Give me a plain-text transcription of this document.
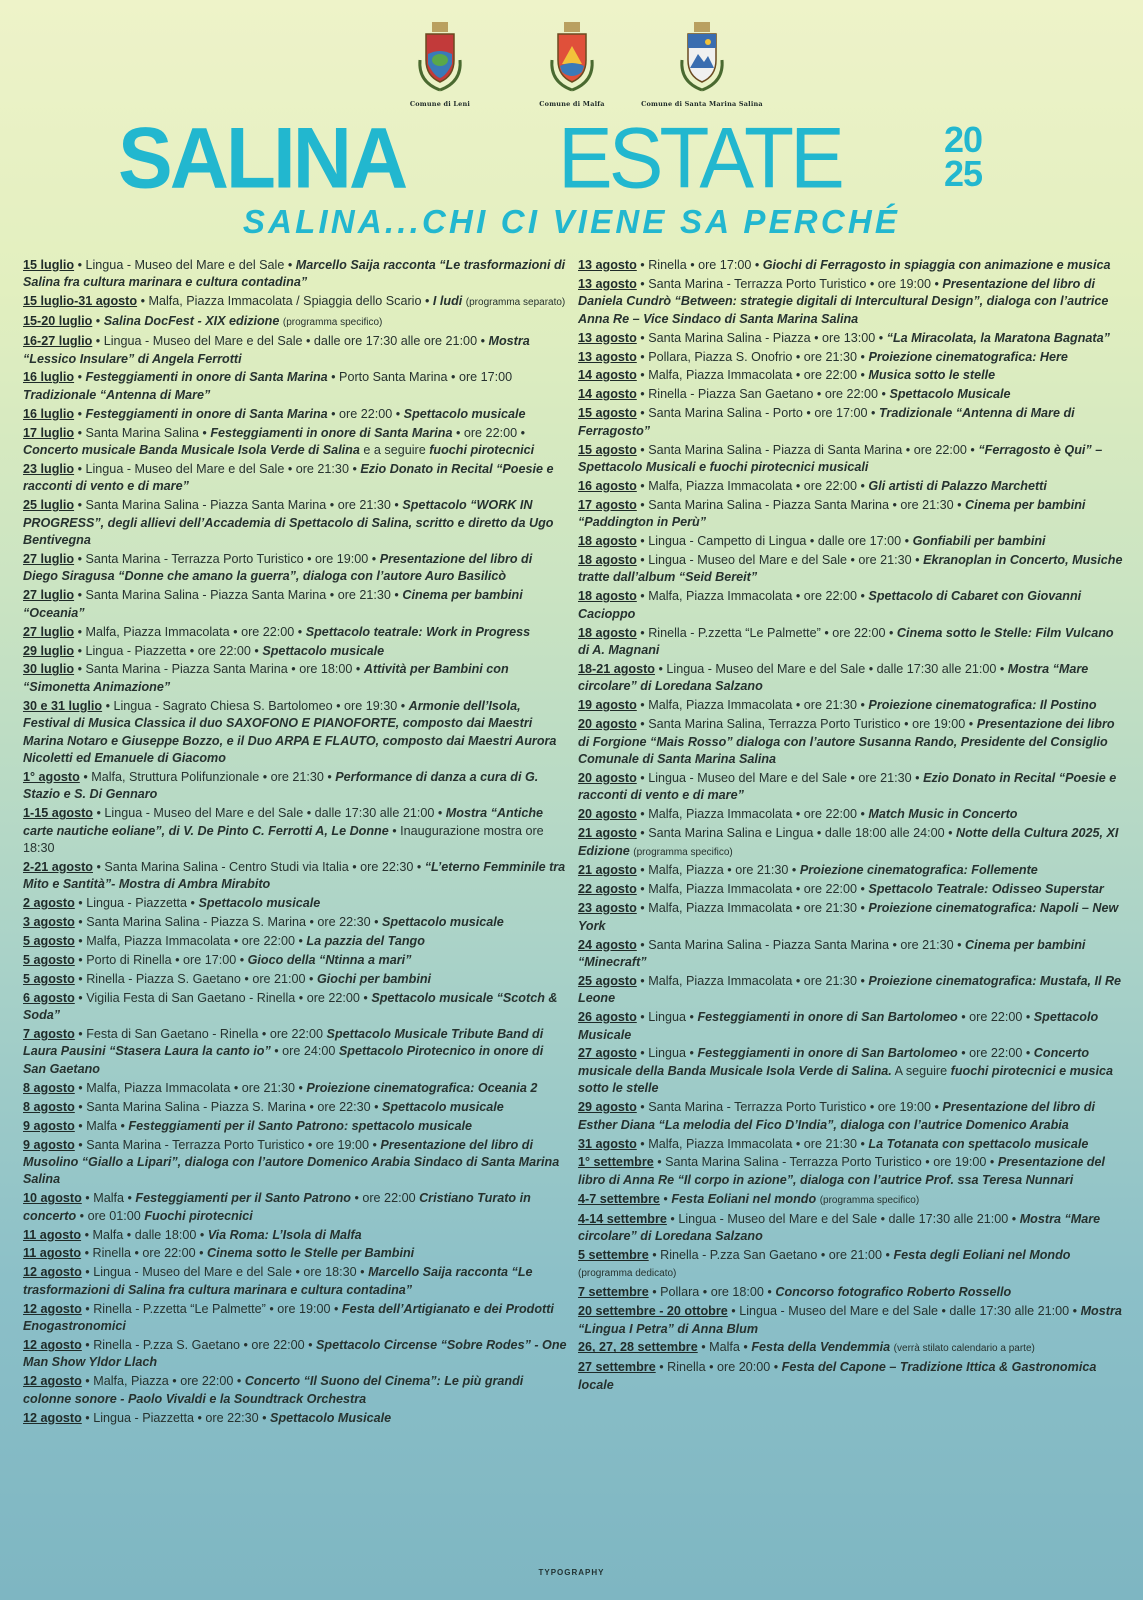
Comune di Leni	Comune di Malfa	Comune di Santa Marina Salina
SALINA ESTATE	20
25
SALINA...CHI CI VIENE SA PERCHÉ
15 luglio • Lingua - Museo del Mare e del Sale • Marcello Saija racconta “Le trasformazioni di Salina fra cultura marinara e cultura contadina”
15 luglio-31 agosto • Malfa, Piazza Immacolata / Spiaggia dello Scario • I ludi (programma separato)
15-20 luglio • Salina DocFest - XIX edizione (programma specifico)
16-27 luglio • Lingua - Museo del Mare e del Sale • dalle ore 17:30 alle ore 21:00 • Mostra “Lessico Insulare” di Angela Ferrotti
16 luglio • Festeggiamenti in onore di Santa Marina • Porto Santa Marina • ore 17:00 Tradizionale “Antenna di Mare”
16 luglio • Festeggiamenti in onore di Santa Marina • ore 22:00 • Spettacolo musicale
17 luglio • Santa Marina Salina • Festeggiamenti in onore di Santa Marina • ore 22:00 • Concerto musicale Banda Musicale Isola Verde di Salina e a seguire fuochi pirotecnici
23 luglio • Lingua - Museo del Mare e del Sale • ore 21:30 • Ezio Donato in Recital “Poesie e racconti di vento e di mare”
25 luglio • Santa Marina Salina - Piazza Santa Marina • ore 21:30 • Spettacolo “WORK IN PROGRESS”, degli allievi dell’Accademia di Spettacolo di Salina, scritto e diretto da Ugo Bentivegna
27 luglio • Santa Marina - Terrazza Porto Turistico • ore 19:00 • Presentazione del libro di Diego Siragusa “Donne che amano la guerra”, dialoga con l’autore Auro Basilicò
27 luglio • Santa Marina Salina - Piazza Santa Marina • ore 21:30 • Cinema per bambini “Oceania”
27 luglio • Malfa, Piazza Immacolata • ore 22:00 • Spettacolo teatrale: Work in Progress
29 luglio • Lingua - Piazzetta • ore 22:00 • Spettacolo musicale
30 luglio • Santa Marina - Piazza Santa Marina • ore 18:00 • Attività per Bambini con “Simonetta Animazione”
30 e 31 luglio • Lingua - Sagrato Chiesa S. Bartolomeo • ore 19:30 • Armonie dell’Isola, Festival di Musica Classica il duo SAXOFONO E PIANOFORTE, composto dai Maestri Marina Notaro e Giuseppe Bozzo, e il Duo ARPA E FLAUTO, composto dai Maestri Aurora Nicoletti ed Emanuele di Giacomo
1° agosto • Malfa, Struttura Polifunzionale • ore 21:30 • Performance di danza a cura di G. Stazio e S. Di Gennaro
1-15 agosto • Lingua - Museo del Mare e del Sale • dalle 17:30 alle 21:00 • Mostra “Antiche carte nautiche eoliane”, di V. De Pinto C. Ferrotti A, Le Donne • Inaugurazione mostra ore 18:30
2-21 agosto • Santa Marina Salina - Centro Studi via Italia • ore 22:30 • “L’eterno Femminile tra Mito e Santità”- Mostra di Ambra Mirabito
2 agosto • Lingua - Piazzetta • Spettacolo musicale
3 agosto • Santa Marina Salina - Piazza S. Marina • ore 22:30 • Spettacolo musicale
5 agosto • Malfa, Piazza Immacolata • ore 22:00 • La pazzia del Tango
5 agosto • Porto di Rinella • ore 17:00 • Gioco della “Ntinna a mari”
5 agosto • Rinella - Piazza S. Gaetano • ore 21:00 • Giochi per bambini
6 agosto • Vigilia Festa di San Gaetano - Rinella • ore 22:00 • Spettacolo musicale “Scotch & Soda”
7 agosto • Festa di San Gaetano - Rinella • ore 22:00 Spettacolo Musicale Tribute Band di Laura Pausini “Stasera Laura la canto io” • ore 24:00 Spettacolo Pirotecnico in onore di San Gaetano
8 agosto • Malfa, Piazza Immacolata • ore 21:30 • Proiezione cinematografica: Oceania 2
8 agosto • Santa Marina Salina - Piazza S. Marina • ore 22:30 • Spettacolo musicale
9 agosto • Malfa • Festeggiamenti per il Santo Patrono: spettacolo musicale
9 agosto • Santa Marina - Terrazza Porto Turistico • ore 19:00 • Presentazione del libro di Musolino “Giallo a Lipari”, dialoga con l’autore Domenico Arabia Sindaco di Santa Marina Salina
10 agosto • Malfa • Festeggiamenti per il Santo Patrono • ore 22:00 Cristiano Turato in concerto • ore 01:00 Fuochi pirotecnici
11 agosto • Malfa • dalle 18:00 • Via Roma: L’Isola di Malfa
11 agosto • Rinella • ore 22:00 • Cinema sotto le Stelle per Bambini
12 agosto • Lingua - Museo del Mare e del Sale • ore 18:30 • Marcello Saija racconta “Le trasformazioni di Salina fra cultura marinara e cultura contadina”
12 agosto • Rinella - P.zzetta “Le Palmette” • ore 19:00 • Festa dell’Artigianato e dei Prodotti Enogastronomici
12 agosto • Rinella - P.zza S. Gaetano • ore 22:00 • Spettacolo Circense “Sobre Rodes” - One Man Show Yldor Llach
12 agosto • Malfa, Piazza • ore 22:00 • Concerto “Il Suono del Cinema”: Le più grandi colonne sonore - Paolo Vivaldi e la Soundtrack Orchestra
12 agosto • Lingua - Piazzetta • ore 22:30 • Spettacolo Musicale
13 agosto • Rinella • ore 17:00 • Giochi di Ferragosto in spiaggia con animazione e musica
13 agosto • Santa Marina - Terrazza Porto Turistico • ore 19:00 • Presentazione del libro di Daniela Cundrò “Between: strategie digitali di Intercultural Design”, dialoga con l’autrice Anna Re – Vice Sindaco di Santa Marina Salina
13 agosto • Santa Marina Salina - Piazza • ore 13:00 • “La Miracolata, la Maratona Bagnata”
13 agosto • Pollara, Piazza S. Onofrio • ore 21:30 • Proiezione cinematografica: Here
14 agosto • Malfa, Piazza Immacolata • ore 22:00 • Musica sotto le stelle
14 agosto • Rinella - Piazza San Gaetano • ore 22:00 • Spettacolo Musicale
15 agosto • Santa Marina Salina - Porto • ore 17:00 • Tradizionale “Antenna di Mare di Ferragosto”
15 agosto • Santa Marina Salina - Piazza di Santa Marina • ore 22:00 • “Ferragosto è Qui” – Spettacolo Musicali e fuochi pirotecnici musicali
16 agosto • Malfa, Piazza Immacolata • ore 22:00 • Gli artisti di Palazzo Marchetti
17 agosto • Santa Marina Salina - Piazza Santa Marina • ore 21:30 • Cinema per bambini “Paddington in Perù”
18 agosto • Lingua - Campetto di Lingua • dalle ore 17:00 • Gonfiabili per bambini
18 agosto • Lingua - Museo del Mare e del Sale • ore 21:30 • Ekranoplan in Concerto, Musiche tratte dall’album “Seid Bereit”
18 agosto • Malfa, Piazza Immacolata • ore 22:00 • Spettacolo di Cabaret con Giovanni Cacioppo
18 agosto • Rinella - P.zzetta “Le Palmette” • ore 22:00 • Cinema sotto le Stelle: Film Vulcano di A. Magnani
18-21 agosto • Lingua - Museo del Mare e del Sale • dalle 17:30 alle 21:00 • Mostra “Mare circolare” di Loredana Salzano
19 agosto • Malfa, Piazza Immacolata • ore 21:30 • Proiezione cinematografica: Il Postino
20 agosto • Santa Marina Salina, Terrazza Porto Turistico • ore 19:00 • Presentazione dei libro di Forgione “Mais Rosso” dialoga con l’autore Susanna Rando, Presidente del Consiglio Comunale di Santa Marina Salina
20 agosto • Lingua - Museo del Mare e del Sale • ore 21:30 • Ezio Donato in Recital “Poesie e racconti di vento e di mare”
20 agosto • Malfa, Piazza Immacolata • ore 22:00 • Match Music in Concerto
21 agosto • Santa Marina Salina e Lingua • dalle 18:00 alle 24:00 • Notte della Cultura 2025, XI Edizione (programma specifico)
21 agosto • Malfa, Piazza • ore 21:30 • Proiezione cinematografica: Follemente
22 agosto • Malfa, Piazza Immacolata • ore 22:00 • Spettacolo Teatrale: Odisseo Superstar
23 agosto • Malfa, Piazza Immacolata • ore 21:30 • Proiezione cinematografica: Napoli – New York
24 agosto • Santa Marina Salina - Piazza Santa Marina • ore 21:30 • Cinema per bambini “Minecraft”
25 agosto • Malfa, Piazza Immacolata • ore 21:30 • Proiezione cinematografica: Mustafa, Il Re Leone
26 agosto • Lingua • Festeggiamenti in onore di San Bartolomeo • ore 22:00 • Spettacolo Musicale
27 agosto • Lingua • Festeggiamenti in onore di San Bartolomeo • ore 22:00 • Concerto musicale della Banda Musicale Isola Verde di Salina. A seguire fuochi pirotecnici e musica sotto le stelle
29 agosto • Santa Marina - Terrazza Porto Turistico • ore 19:00 • Presentazione del libro di Esther Diana “La melodia del Fico D’India”, dialoga con l’autrice Domenico Arabia
31 agosto • Malfa, Piazza Immacolata • ore 21:30 • La Totanata con spettacolo musicale
1° settembre • Santa Marina Salina - Terrazza Porto Turistico • ore 19:00 • Presentazione del libro di Anna Re “Il corpo in azione”, dialoga con l’autrice Prof. ssa Teresa Nunnari
4-7 settembre • Festa Eoliani nel mondo (programma specifico)
4-14 settembre • Lingua - Museo del Mare e del Sale • dalle 17:30 alle 21:00 • Mostra “Mare circolare” di Loredana Salzano
5 settembre • Rinella - P.zza San Gaetano • ore 21:00 • Festa degli Eoliani nel Mondo (programma dedicato)
7 settembre • Pollara • ore 18:00 • Concorso fotografico Roberto Rossello
20 settembre - 20 ottobre • Lingua - Museo del Mare e del Sale • dalle 17:30 alle 21:00 • Mostra “Lingua I Petra” di Anna Blum
26, 27, 28 settembre • Malfa • Festa della Vendemmia (verrà stilato calendario a parte)
27 settembre • Rinella • ore 20:00 • Festa del Capone – Tradizione Ittica & Gastronomica locale
TYPOGRAPHY
